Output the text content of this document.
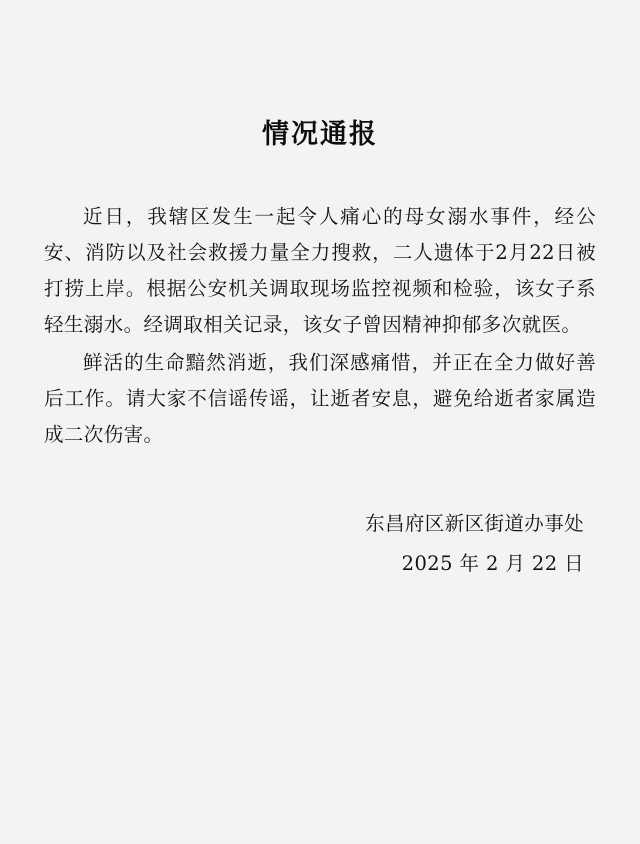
情况通报

近日，我辖区发生一起令人痛心的母女溺水事件，经公安、消防以及社会救援力量全力搜救，二人遗体于2月22日被打捞上岸。根据公安机关调取现场监控视频和检验，该女子系轻生溺水。经调取相关记录，该女子曾因精神抑郁多次就医。

鲜活的生命黯然消逝，我们深感痛惜，并正在全力做好善后工作。请大家不信谣传谣，让逝者安息，避免给逝者家属造成二次伤害。

东昌府区新区街道办事处
2025 年 2 月 22 日
